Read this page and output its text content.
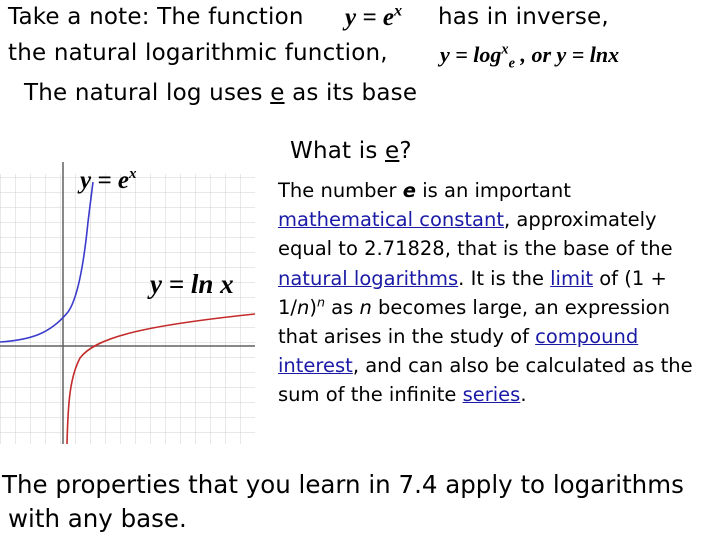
Take a note: The function $y = e^x$ has in inverse,
the natural logarithmic function, $y = \log^x_e$ , or y = lnx
The natural log uses e as its base
What is e?
$y = e^x$
y = ln x
The number e is an important mathematical constant, approximately equal to 2.71828, that is the base of the natural logarithms. It is the limit of $(1 + 1/n)^n$ as n becomes large, an expression that arises in the study of compound interest, and can also be calculated as the sum of the infinite series.
The properties that you learn in 7.4 apply to logarithms
with any base.
